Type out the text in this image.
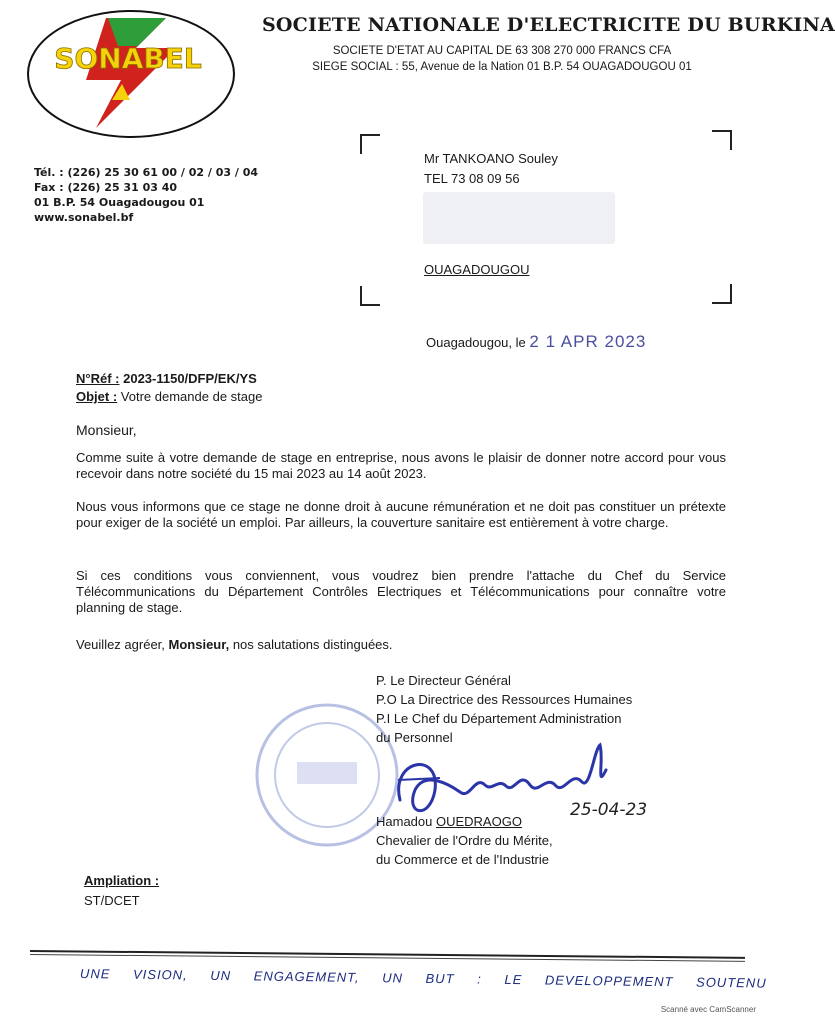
SONABEL
SOCIETE NATIONALE D'ELECTRICITE DU BURKINA
SOCIETE D'ETAT AU CAPITAL DE 63 308 270 000 FRANCS CFA
SIEGE SOCIAL : 55, Avenue de la Nation 01 B.P. 54 OUAGADOUGOU 01
Tél. : (226) 25 30 61 00 / 02 / 03 / 04
Fax : (226) 25 31 03 40
01 B.P. 54 Ouagadougou 01
www.sonabel.bf
Mr TANKOANO Souley
TEL 73 08 09 56
OUAGADOUGOU
Ouagadougou, le 2 1 APR 2023
N°Réf : 2023-1150/DFP/EK/YS
Objet : Votre demande de stage
Monsieur,
Comme suite à votre demande de stage en entreprise, nous avons le plaisir de donner notre accord pour vous recevoir dans notre société du 15 mai 2023 au 14 août 2023.
Nous vous informons que ce stage ne donne droit à aucune rémunération et ne doit pas constituer un prétexte pour exiger de la société un emploi. Par ailleurs, la couverture sanitaire est entièrement à votre charge.
Si ces conditions vous conviennent, vous voudrez bien prendre l'attache du Chef du Service Télécommunications du Département Contrôles Electriques et Télécommunications pour connaître votre planning de stage.
Veuillez agréer, Monsieur, nos salutations distinguées.
P. Le Directeur Général
P.O La Directrice des Ressources Humaines
P.I Le Chef du Département Administration
du Personnel
25-04-23
Hamadou OUEDRAOGO
Chevalier de l'Ordre du Mérite,
du Commerce et de l'Industrie
Ampliation :
ST/DCET
UNE VISION, UN ENGAGEMENT, UN BUT : LE DEVELOPPEMENT SOUTENU
Scanné avec CamScanner
